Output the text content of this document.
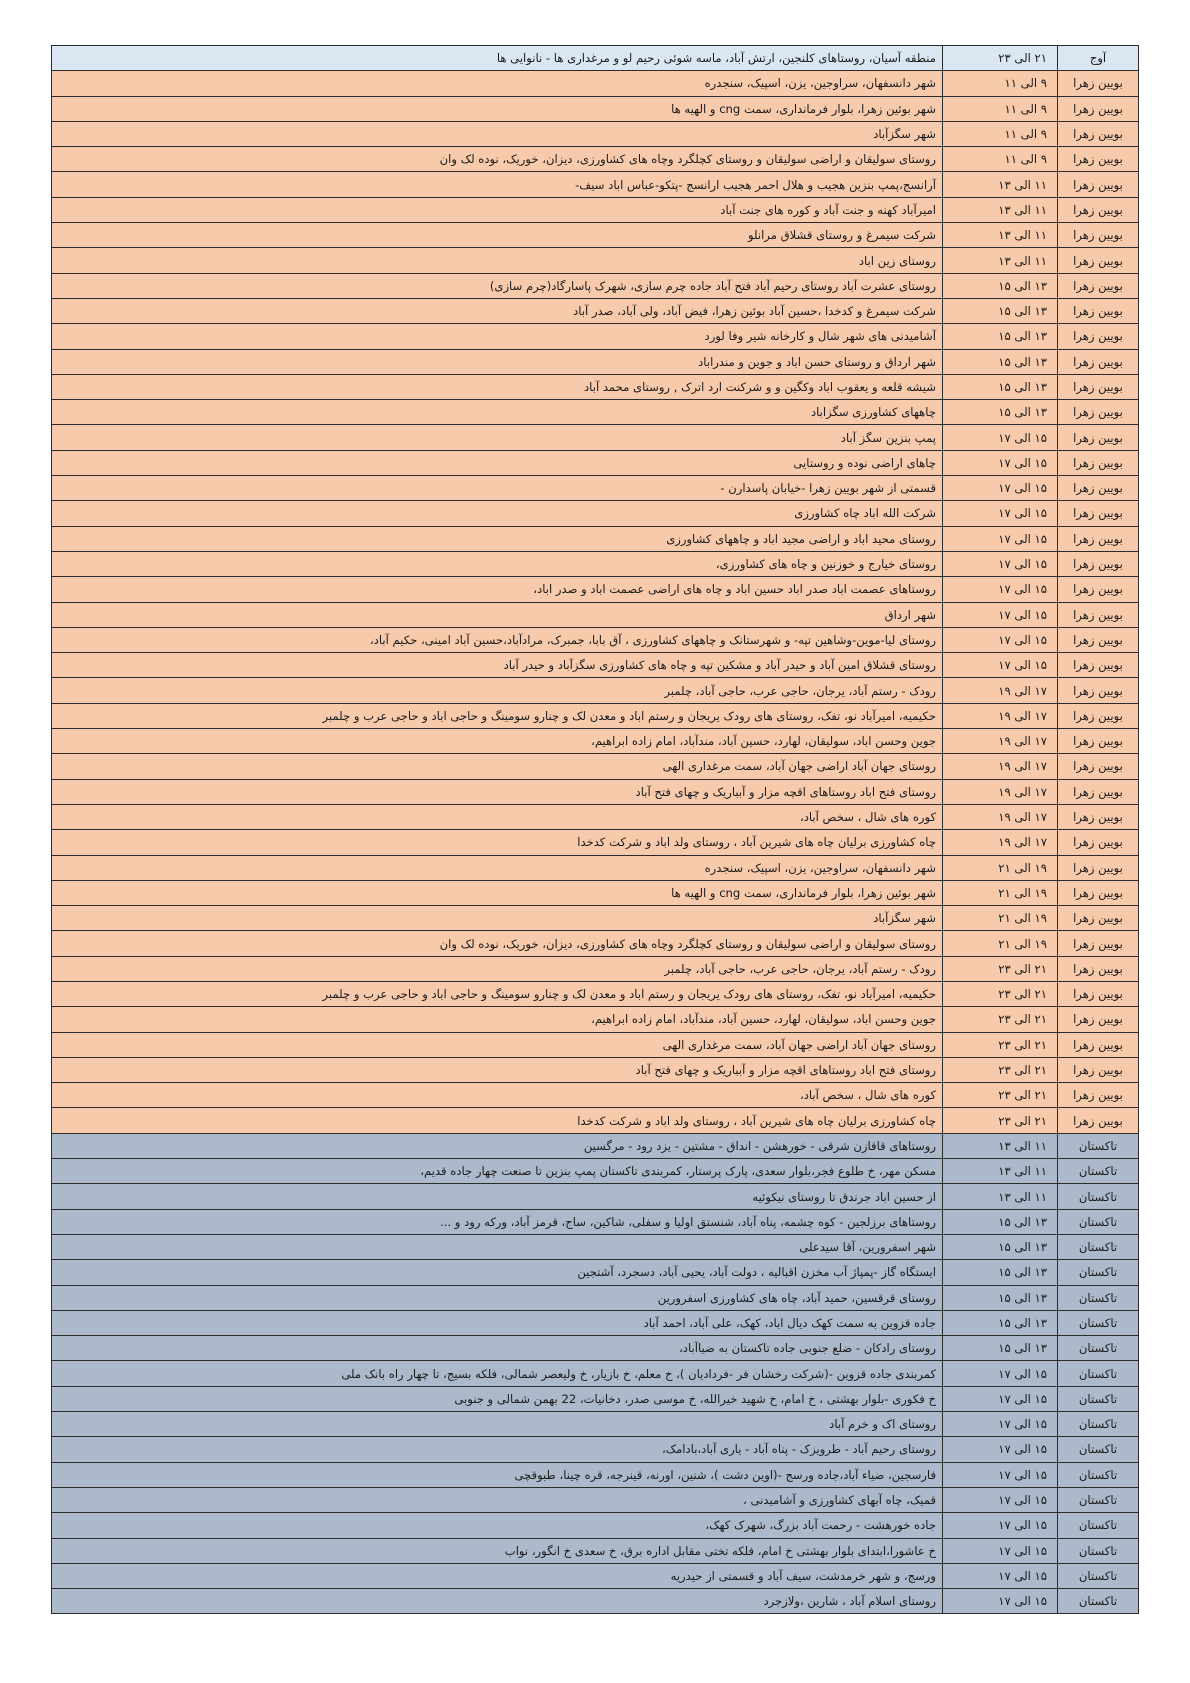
آوج	۲۱ الی ۲۳	منطقه آسیان، روستاهای کلنجین، ارتش آباد، ماسه شوئی رحیم لو و مرغداری ها - نانوایی ها
بویین زهرا	۹ الی ۱۱	شهر دانسفهان، سراوجین، یزن، اسپیک، سنجدره
بویین زهرا	۹ الی ۱۱	شهر بوئین زهرا، بلوار فرمانداری، سمت cng و الهیه ها
بویین زهرا	۹ الی ۱۱	شهر سگزآباد
بویین زهرا	۹ الی ۱۱	روستای سولیقان و اراضی سولیقان و روستای کچلگرد وچاه های کشاورزی، دیزان، خوریک، نوده لک وان
بویین زهرا	۱۱ الی ۱۳	آرانسج،پمپ بنزین هجیب و هلال احمر هجیب ارانسج -پتکو-عباس اباد سیف-
بویین زهرا	۱۱ الی ۱۳	امیرآباد کهنه و جنت آباد و کوره های جنت آباد
بویین زهرا	۱۱ الی ۱۳	شرکت سیمرغ و روستای قشلاق مرانلو
بویین زهرا	۱۱ الی ۱۳	روستای زین اباد
بویین زهرا	۱۳ الی ۱۵	روستای عشرت آباد روستای رحیم آباد فتح آباد جاده چرم سازی، شهرک پاسارگاد(چرم سازی)
بویین زهرا	۱۳ الی ۱۵	شرکت سیمرغ و کدخدا ،حسین آباد بوئین زهرا، فیض آباد، ولی آباد، صدر آباد
بویین زهرا	۱۳ الی ۱۵	آشامیدنی های شهر شال و کارخانه شیر وفا لورد
بویین زهرا	۱۳ الی ۱۵	شهر ارداق و روستای حسن اباد و جوین و مندراباد
بویین زهرا	۱۳ الی ۱۵	شیشه قلعه و یعقوب اباد وکگین و و شرکنت ارد اترک , روستای محمد آباد
بویین زهرا	۱۳ الی ۱۵	چاههای کشاورزی سگزاباد
بویین زهرا	۱۵ الی ۱۷	پمپ بنزین سگز آباد
بویین زهرا	۱۵ الی ۱۷	چاهای اراضی نوده و روستایی
بویین زهرا	۱۵ الی ۱۷	قسمتی از شهر بویین زهرا -خیابان پاسدارن -
بویین زهرا	۱۵ الی ۱۷	شرکت الله اباد چاه کشاورزی
بویین زهرا	۱۵ الی ۱۷	روستای محید اباد و اراضی مجید اباد و چاههای کشاورزی
بویین زهرا	۱۵ الی ۱۷	روستای خیارج و خوزنین و چاه های کشاورزی،
بویین زهرا	۱۵ الی ۱۷	روستاهای عصمت اباد صدر اباد حسین اباد و چاه های اراضی عصمت اباد و صدر اباد،
بویین زهرا	۱۵ الی ۱۷	شهر ارداق
بویین زهرا	۱۵ الی ۱۷	روستای لیا-موین-وشاهین تپه- و شهرستانک و چاههای کشاورزی ، آق بابا، جمبرک، مرادآباد،حسین آباد امینی، حکیم آباد،
بویین زهرا	۱۵ الی ۱۷	روستای قشلاق امین آباد و حیدر آباد و مشکین تپه و چاه های کشاورزی سگزآباد و حیدر آباد
بویین زهرا	۱۷ الی ۱۹	رودک - رستم آباد، یرجان، حاجی عرب، حاجی آباد، چلمبر
بویین زهرا	۱۷ الی ۱۹	حکیمیه، امیرآباد نو، تفک، روستای های رودک یریجان و رستم اباد و معدن لک و چنارو سومینگ و حاجی اباد و حاجی عرب و چلمبر
بویین زهرا	۱۷ الی ۱۹	جوین وحسن اباد، سولیقان، لهارد، حسین آباد، مندآباد، امام زاده ابراهیم،
بویین زهرا	۱۷ الی ۱۹	روستای جهان آباد اراضی جهان آباد، سمت مرغداری الهی
بویین زهرا	۱۷ الی ۱۹	روستای فتح اباد روستاهای اقچه مزار و آبباریک و چهای فتح آباد
بویین زهرا	۱۷ الی ۱۹	کوره های شال ، سخص آباد،
بویین زهرا	۱۷ الی ۱۹	چاه کشاورزی برلیان چاه های شیرین آباد ، روستای ولد اباد و شرکت کدخدا
بویین زهرا	۱۹ الی ۲۱	شهر دانسفهان، سراوجین، یزن، اسپیک، سنجدره
بویین زهرا	۱۹ الی ۲۱	شهر بوئین زهرا، بلوار فرمانداری، سمت cng و الهیه ها
بویین زهرا	۱۹ الی ۲۱	شهر سگزآباد
بویین زهرا	۱۹ الی ۲۱	روستای سولیقان و اراضی سولیقان و روستای کچلگرد وچاه های کشاورزی، دیزان، خوریک، نوده لک وان
بویین زهرا	۲۱ الی ۲۳	رودک - رستم آباد، یرجان، حاجی عرب، حاجی آباد، چلمبر
بویین زهرا	۲۱ الی ۲۳	حکیمیه، امیرآباد نو، تفک، روستای های رودک یریجان و رستم اباد و معدن لک و چنارو سومینگ و حاجی اباد و حاجی عرب و چلمبر
بویین زهرا	۲۱ الی ۲۳	جوین وحسن اباد، سولیقان، لهارد، حسین آباد، مندآباد، امام زاده ابراهیم،
بویین زهرا	۲۱ الی ۲۳	روستای جهان آباد اراضی جهان آباد، سمت مرغداری الهی
بویین زهرا	۲۱ الی ۲۳	روستای فتح اباد روستاهای اقچه مزار و آبباریک و چهای فتح آباد
بویین زهرا	۲۱ الی ۲۳	کوره های شال ، سخص آباد،
بویین زهرا	۲۱ الی ۲۳	چاه کشاورزی برلیان چاه های شیرین آباد ، روستای ولد اباد و شرکت کدخدا
تاکستان	۱۱ الی ۱۳	روستاهای قاقازن شرقی - خورهشن - انداق - مشتین - یزد رود - مرگسین
تاکستان	۱۱ الی ۱۳	مسکن مهر، خ طلوع فجر،بلوار سعدی، پارک پرستار، کمربندی تاکستان پمپ بنزین تا صنعت چهار جاده قدیم،
تاکستان	۱۱ الی ۱۳	از حسین اباد جرندق تا روستای نیکوئیه
تاکستان	۱۳ الی ۱۵	روستاهای برزلجین - کوه چشمه، پناه آباد، شنستق اولیا و سفلی، شاکین، ساج، قرمز آباد، ورکه رود و ...
تاکستان	۱۳ الی ۱۵	شهر اسفرورین، آقا سیدعلی
تاکستان	۱۳ الی ۱۵	ایستگاه گاز -پمپاژ آب مخزن اقبالیه ، دولت آباد، یحیی آباد، دسجرد، آشتجین
تاکستان	۱۳ الی ۱۵	روستای قرقسین، حمید آباد، چاه های کشاورزی اسفرورین
تاکستان	۱۳ الی ۱۵	جاده قزوین به سمت کهک دیال اباد، کهک، علی آباد، احمد آباد
تاکستان	۱۳ الی ۱۵	روستای رادکان - ضلع جنوبی جاده تاکستان به ضیاآباد،
تاکستان	۱۵ الی ۱۷	کمربندی جاده قزوین -(شرکت رخشان فر -فردادیان )، خ معلم، خ بازیار، خ ولیعصر شمالی، فلکه بسیج، تا چهار راه بانک ملی
تاکستان	۱۵ الی ۱۷	خ فکوری -بلوار بهشتی ، خ امام، خ شهید خیرالله، خ موسی صدر، دخانیات، 22 بهمن شمالی و جنوبی
تاکستان	۱۵ الی ۱۷	روستای اک و خرم آباد
تاکستان	۱۵ الی ۱۷	روستای رحیم آباد - طرویزک - پناه آباد - یاری آباد،بادامک،
تاکستان	۱۵ الی ۱۷	فارسجین، ضیاء آباد،جاده ورسج -(اوین دشت )، شنین، اورنه، قینرجه، قره چینا، طبوقچی
تاکستان	۱۵ الی ۱۷	قمیک، چاه آبهای کشاورزی و آشامیدنی ،
تاکستان	۱۵ الی ۱۷	جاده خورهشت - رحمت آباد بزرگ، شهرک کهک،
تاکستان	۱۵ الی ۱۷	خ عاشورا،ابتدای بلوار بهشتی خ امام، فلکه تختی مقابل اداره برق، خ سعدی خ انگور، نواب
تاکستان	۱۵ الی ۱۷	ورسج، و شهر خرمدشت، سیف آباد و قسمتی از حیدریه
تاکستان	۱۵ الی ۱۷	روستای اسلام آباد ، شارین ،ولازجرد
